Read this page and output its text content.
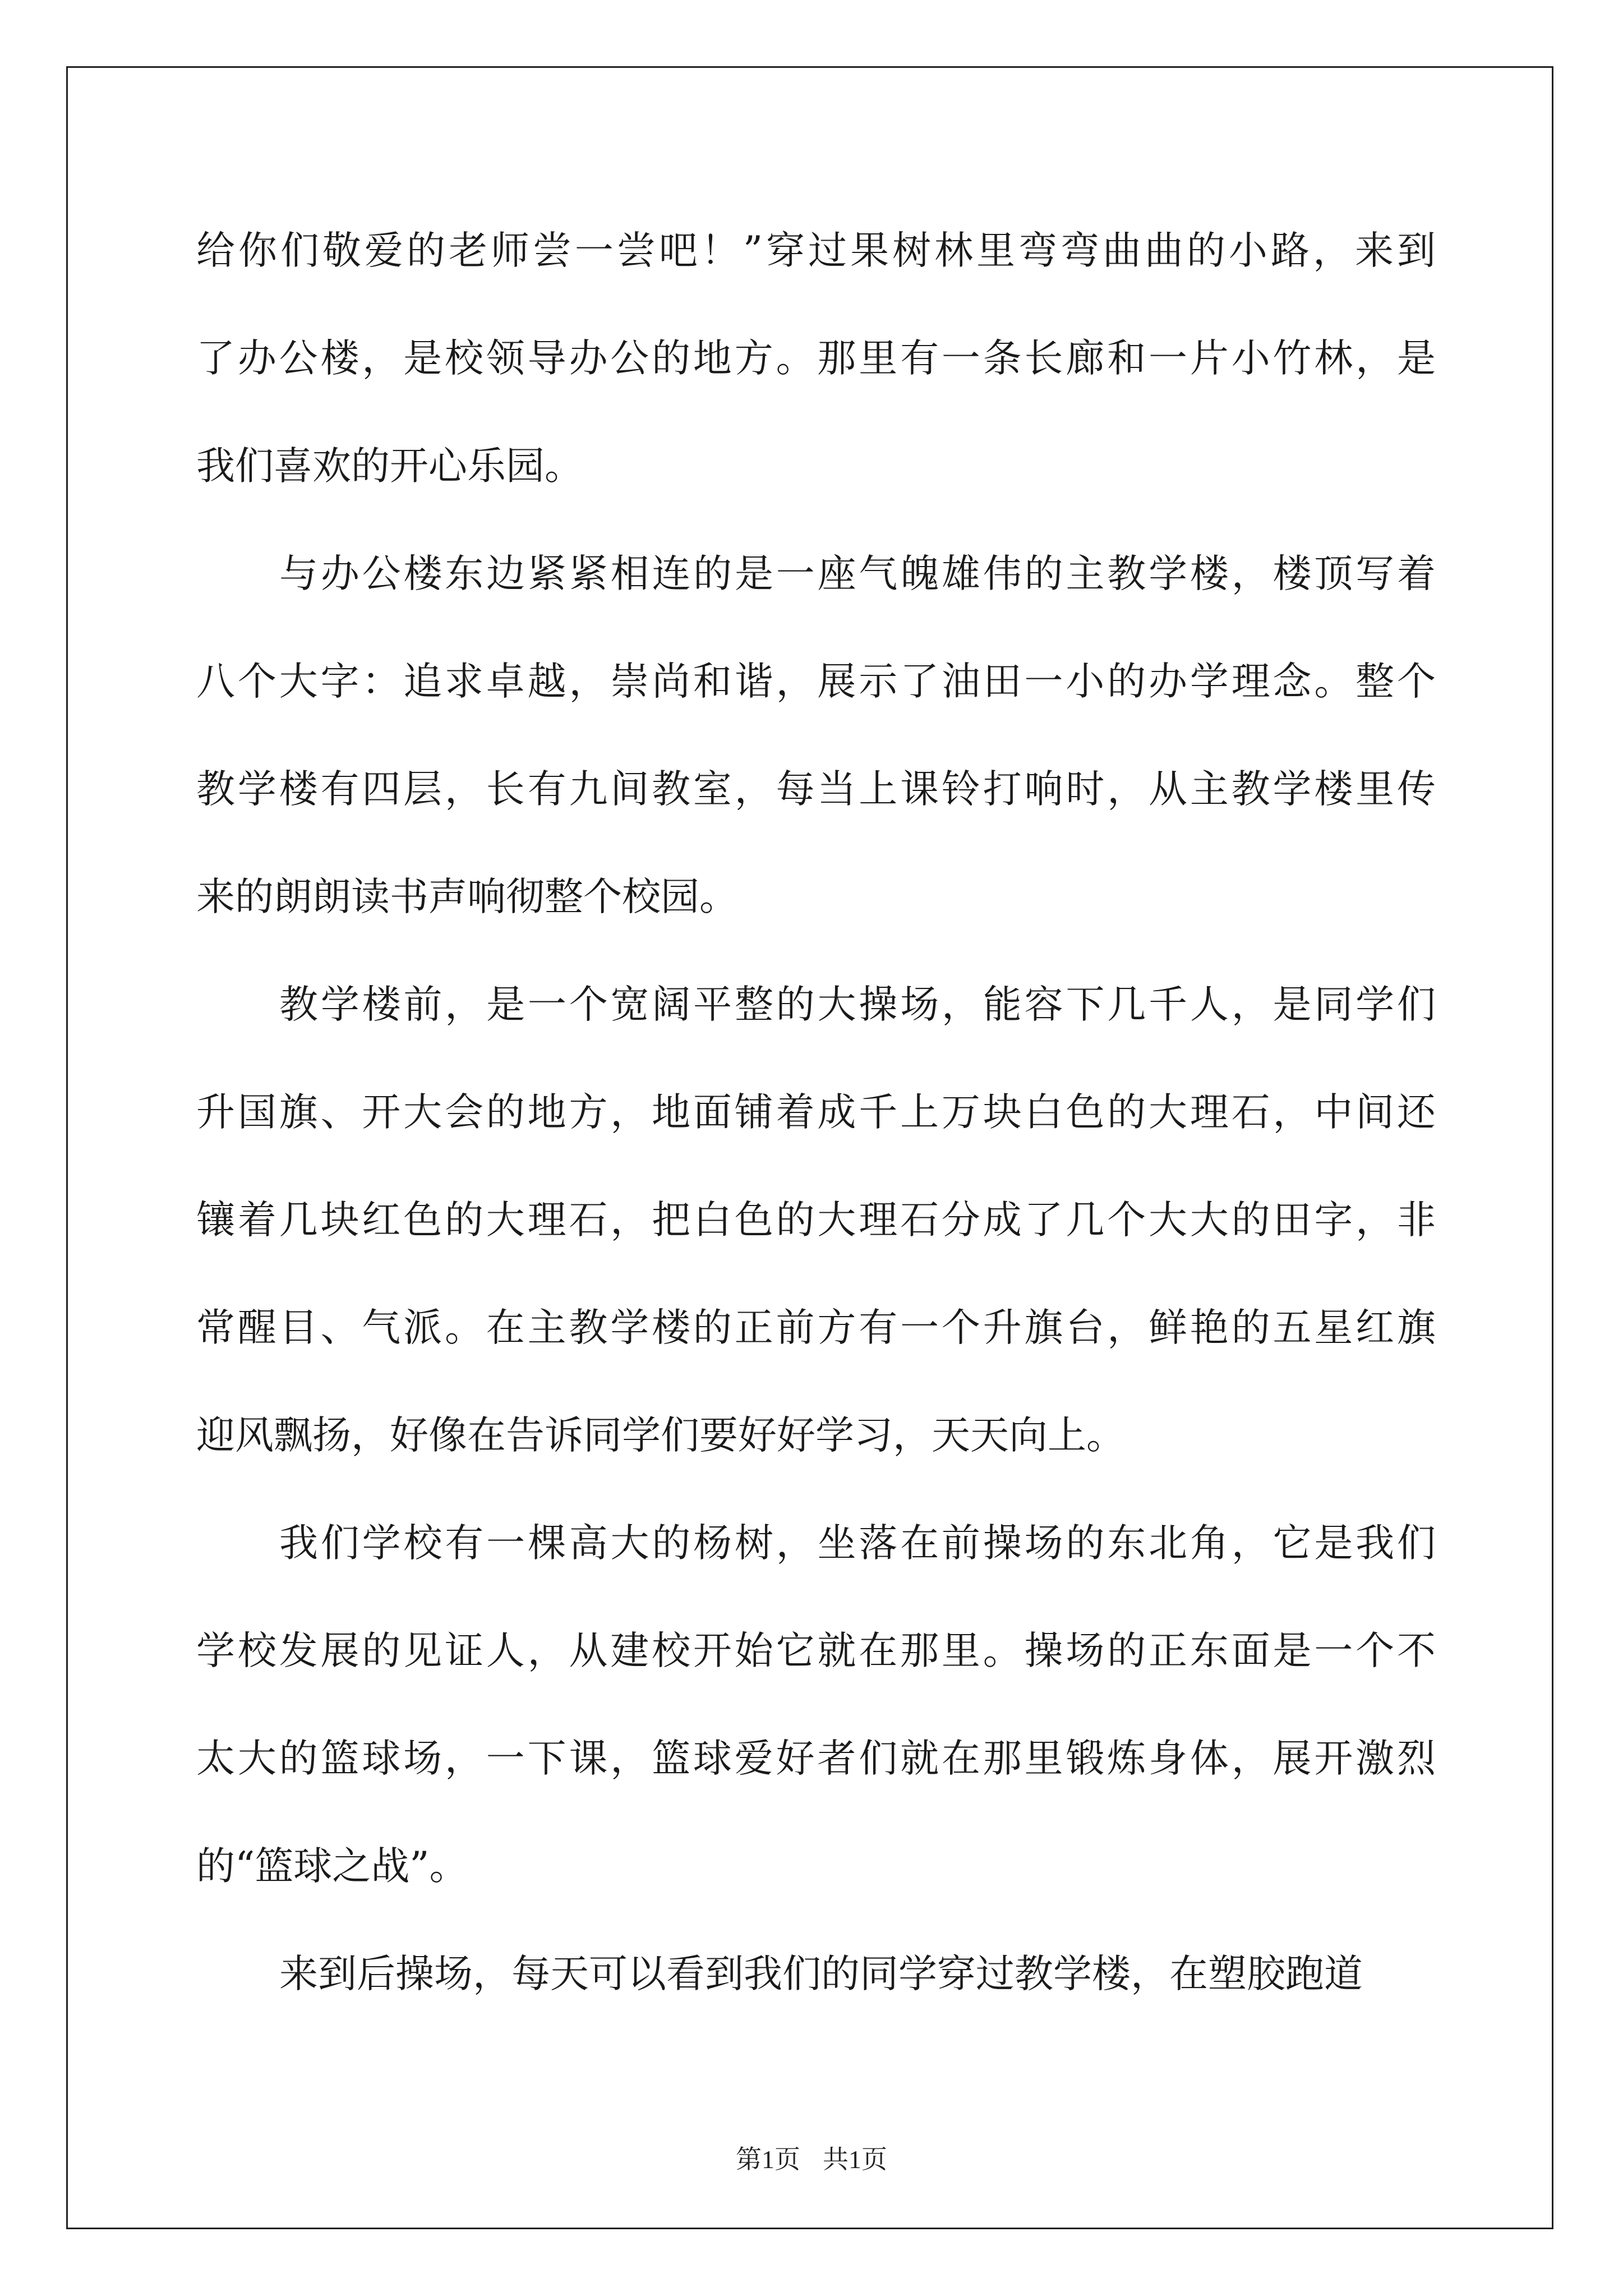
给你们敬爱的老师尝一尝吧！”穿过果树林里弯弯曲曲的小路，来到
了办公楼，是校领导办公的地方。那里有一条长廊和一片小竹林，是
我们喜欢的开心乐园。
与办公楼东边紧紧相连的是一座气魄雄伟的主教学楼，楼顶写着
八个大字：追求卓越，崇尚和谐，展示了油田一小的办学理念。整个
教学楼有四层，长有九间教室，每当上课铃打响时，从主教学楼里传
来的朗朗读书声响彻整个校园。
教学楼前，是一个宽阔平整的大操场，能容下几千人，是同学们
升国旗、开大会的地方，地面铺着成千上万块白色的大理石，中间还
镶着几块红色的大理石，把白色的大理石分成了几个大大的田字，非
常醒目、气派。在主教学楼的正前方有一个升旗台，鲜艳的五星红旗
迎风飘扬，好像在告诉同学们要好好学习，天天向上。
我们学校有一棵高大的杨树，坐落在前操场的东北角，它是我们
学校发展的见证人，从建校开始它就在那里。操场的正东面是一个不
太大的篮球场，一下课，篮球爱好者们就在那里锻炼身体，展开激烈
的“篮球之战”。
来到后操场，每天可以看到我们的同学穿过教学楼，在塑胶跑道
第1页 共1页
